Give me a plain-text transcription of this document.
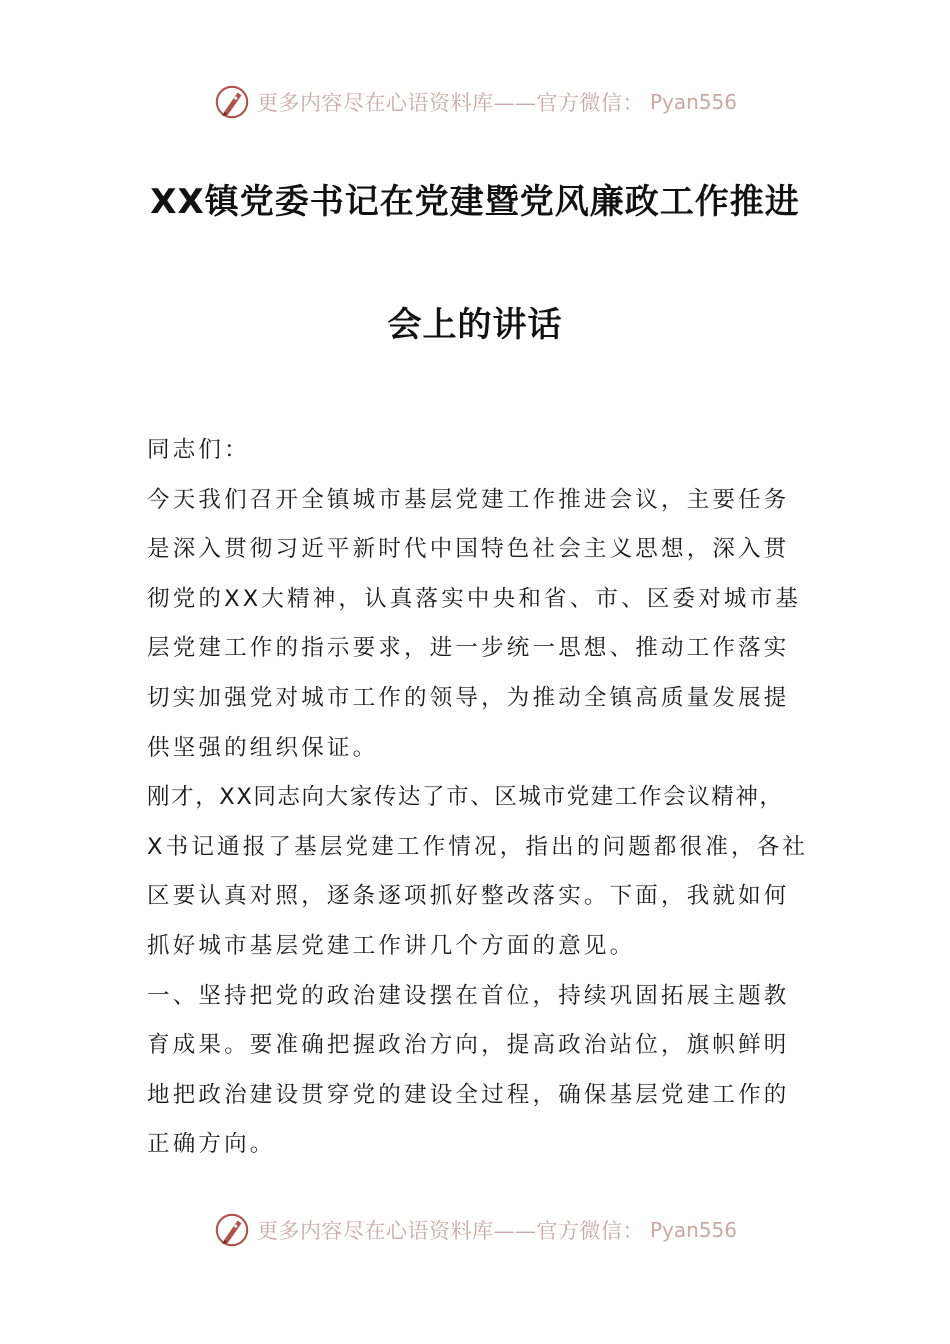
更多内容尽在心语资料库——官方微信： Pyan556
XX镇党委书记在党建暨党风廉政工作推进
会上的讲话
同志们：
今天我们召开全镇城市基层党建工作推进会议，主要任务
是深入贯彻习近平新时代中国特色社会主义思想，深入贯
彻党的XX大精神，认真落实中央和省、市、区委对城市基
层党建工作的指示要求，进一步统一思想、推动工作落实
切实加强党对城市工作的领导，为推动全镇高质量发展提
供坚强的组织保证。
刚才，XX同志向大家传达了市、区城市党建工作会议精神，
X书记通报了基层党建工作情况，指出的问题都很准，各社
区要认真对照，逐条逐项抓好整改落实。下面，我就如何
抓好城市基层党建工作讲几个方面的意见。
一、坚持把党的政治建设摆在首位，持续巩固拓展主题教
育成果。要准确把握政治方向，提高政治站位，旗帜鲜明
地把政治建设贯穿党的建设全过程，确保基层党建工作的
正确方向。
更多内容尽在心语资料库——官方微信： Pyan556
